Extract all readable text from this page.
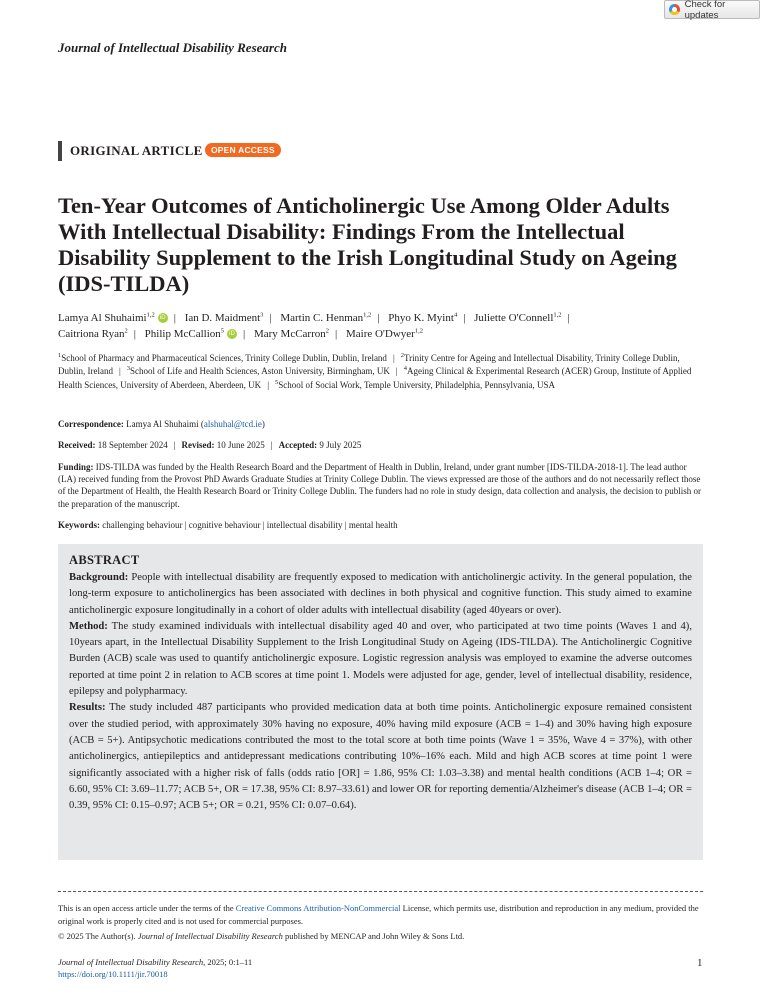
Check for updates
Journal of Intellectual Disability Research
ORIGINAL ARTICLE OPEN ACCESS
Ten-Year Outcomes of Anticholinergic Use Among Older Adults With Intellectual Disability: Findings From the Intellectual Disability Supplement to the Irish Longitudinal Study on Ageing (IDS-TILDA)
Lamya Al Shuhaimi$^{1,2}$iD | Ian D. Maidment$^3$ | Martin C. Henman$^{1,2}$ | Phyo K. Myint$^4$ | Juliette O'Connell$^{1,2}$ |
Caitriona Ryan$^2$ | Philip McCallion$^5$iD | Mary McCarron$^2$ | Maire O'Dwyer$^{1,2}$
$^1$School of Pharmacy and Pharmaceutical Sciences, Trinity College Dublin, Dublin, Ireland | $^2$Trinity Centre for Ageing and Intellectual Disability, Trinity College Dublin, Dublin, Ireland | $^3$School of Life and Health Sciences, Aston University, Birmingham, UK | $^4$Ageing Clinical & Experimental Research (ACER) Group, Institute of Applied Health Sciences, University of Aberdeen, Aberdeen, UK | $^5$School of Social Work, Temple University, Philadelphia, Pennsylvania, USA
Correspondence: Lamya Al Shuhaimi (alshuhal@tcd.ie)
Received: 18 September 2024 | Revised: 10 June 2025 | Accepted: 9 July 2025
Funding: IDS-TILDA was funded by the Health Research Board and the Department of Health in Dublin, Ireland, under grant number [IDS-TILDA-2018-1]. The lead author (LA) received funding from the Provost PhD Awards Graduate Studies at Trinity College Dublin. The views expressed are those of the authors and do not necessarily reflect those of the Department of Health, the Health Research Board or Trinity College Dublin. The funders had no role in study design, data collection and analysis, the decision to publish or the preparation of the manuscript.
Keywords: challenging behaviour | cognitive behaviour | intellectual disability | mental health
ABSTRACT

Background: People with intellectual disability are frequently exposed to medication with anticholinergic activity. In the general population, the long-term exposure to anticholinergics has been associated with declines in both physical and cognitive function. This study aimed to examine anticholinergic exposure longitudinally in a cohort of older adults with intellectual disability (aged 40years or over).

Method: The study examined individuals with intellectual disability aged 40 and over, who participated at two time points (Waves 1 and 4), 10years apart, in the Intellectual Disability Supplement to the Irish Longitudinal Study on Ageing (IDS-TILDA). The Anticholinergic Cognitive Burden (ACB) scale was used to quantify anticholinergic exposure. Logistic regression analysis was employed to examine the adverse outcomes reported at time point 2 in relation to ACB scores at time point 1. Models were adjusted for age, gender, level of intellectual disability, residence, epilepsy and polypharmacy.

Results: The study included 487 participants who provided medication data at both time points. Anticholinergic exposure remained consistent over the studied period, with approximately 30% having no exposure, 40% having mild exposure (ACB = 1–4) and 30% having high exposure (ACB = 5+). Antipsychotic medications contributed the most to the total score at both time points (Wave 1 = 35%, Wave 4 = 37%), with other anticholinergics, antiepileptics and antidepressant medications contributing 10%–16% each. Mild and high ACB scores at time point 1 were significantly associated with a higher risk of falls (odds ratio [OR] = 1.86, 95% CI: 1.03–3.38) and mental health conditions (ACB 1–4; OR = 6.60, 95% CI: 3.69–11.77; ACB 5+, OR = 17.38, 95% CI: 8.97–33.61) and lower OR for reporting dementia/Alzheimer's disease (ACB 1–4; OR = 0.39, 95% CI: 0.15–0.97; ACB 5+; OR = 0.21, 95% CI: 0.07–0.64).

This is an open access article under the terms of the Creative Commons Attribution-NonCommercial License, which permits use, distribution and reproduction in any medium, provided the original work is properly cited and is not used for commercial purposes.
© 2025 The Author(s). Journal of Intellectual Disability Research published by MENCAP and John Wiley & Sons Ltd.
Journal of Intellectual Disability Research, 2025; 0:1–11
https://doi.org/10.1111/jir.70018
1
